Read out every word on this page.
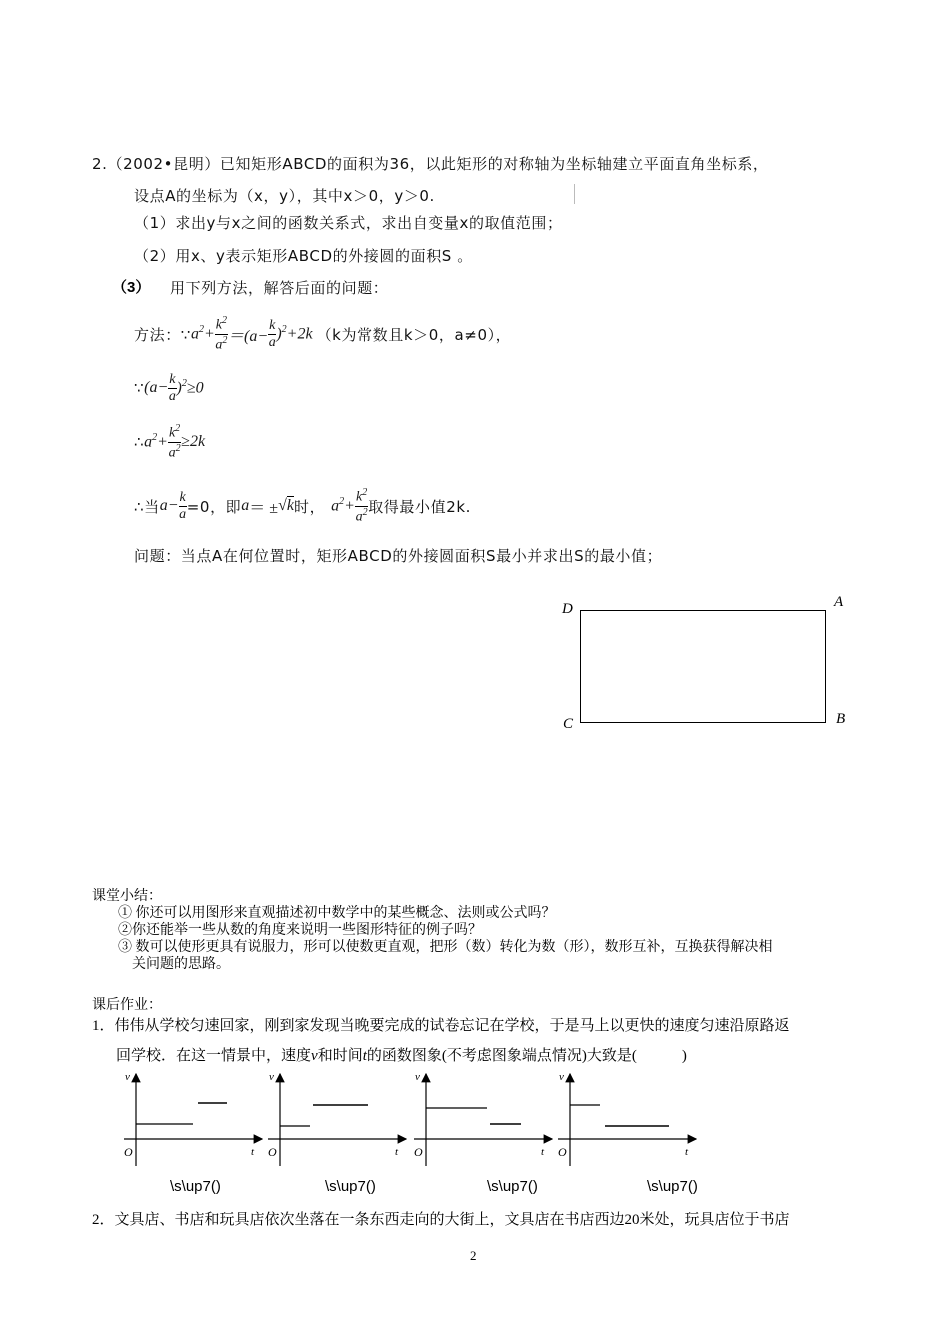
2.（2002•昆明）已知矩形ABCD的面积为36，以此矩形的对称轴为坐标轴建立平面直角坐标系，
设点A的坐标为（x，y），其中x＞0，y＞0.
（1）求出y与x之间的函数关系式，求出自变量x的取值范围；
（2）用x、y表示矩形ABCD的外接圆的面积S 。
（3） 用下列方法，解答后面的问题：
方法：∵ $a^2+ \frac{k^2}{a^2} =(a- \frac{k}{a} )^2+2k$ （k为常数且k＞0，a≠0），
∵ $(a- \frac{k}{a} )^2\ge 0$
∴ $a^2+ \frac{k^2}{a^2} \ge 2k$
∴当 $a- \frac{k}{a} =0$，即 a ＝ ± √k 时， $a^2+ \frac{k^2}{a^2}$ 取得最小值2k.
问题：当点A在何位置时，矩形ABCD的外接圆面积S最小并求出S的最小值；
D	A
C	B
课堂小结：
① 你还可以用图形来直观描述初中数学中的某些概念、法则或公式吗？
②你还能举一些从数的角度来说明一些图形特征的例子吗？
③ 数可以使形更具有说服力，形可以使数更直观，把形（数）转化为数（形），数形互补，互换获得解决相
关问题的思路。
课后作业：
1．伟伟从学校匀速回家，刚到家发现当晚要完成的试卷忘记在学校，于是马上以更快的速度匀速沿原路返
回学校．在这一情景中，速度v和时间t的函数图象(不考虑图象端点情况)大致是(　　　)
v
t
O
v
t
O
v
t
O
v
t
O
\s\up7()	\s\up7()	\s\up7()	\s\up7()
2．文具店、书店和玩具店依次坐落在一条东西走向的大街上，文具店在书店西边20米处，玩具店位于书店
2
